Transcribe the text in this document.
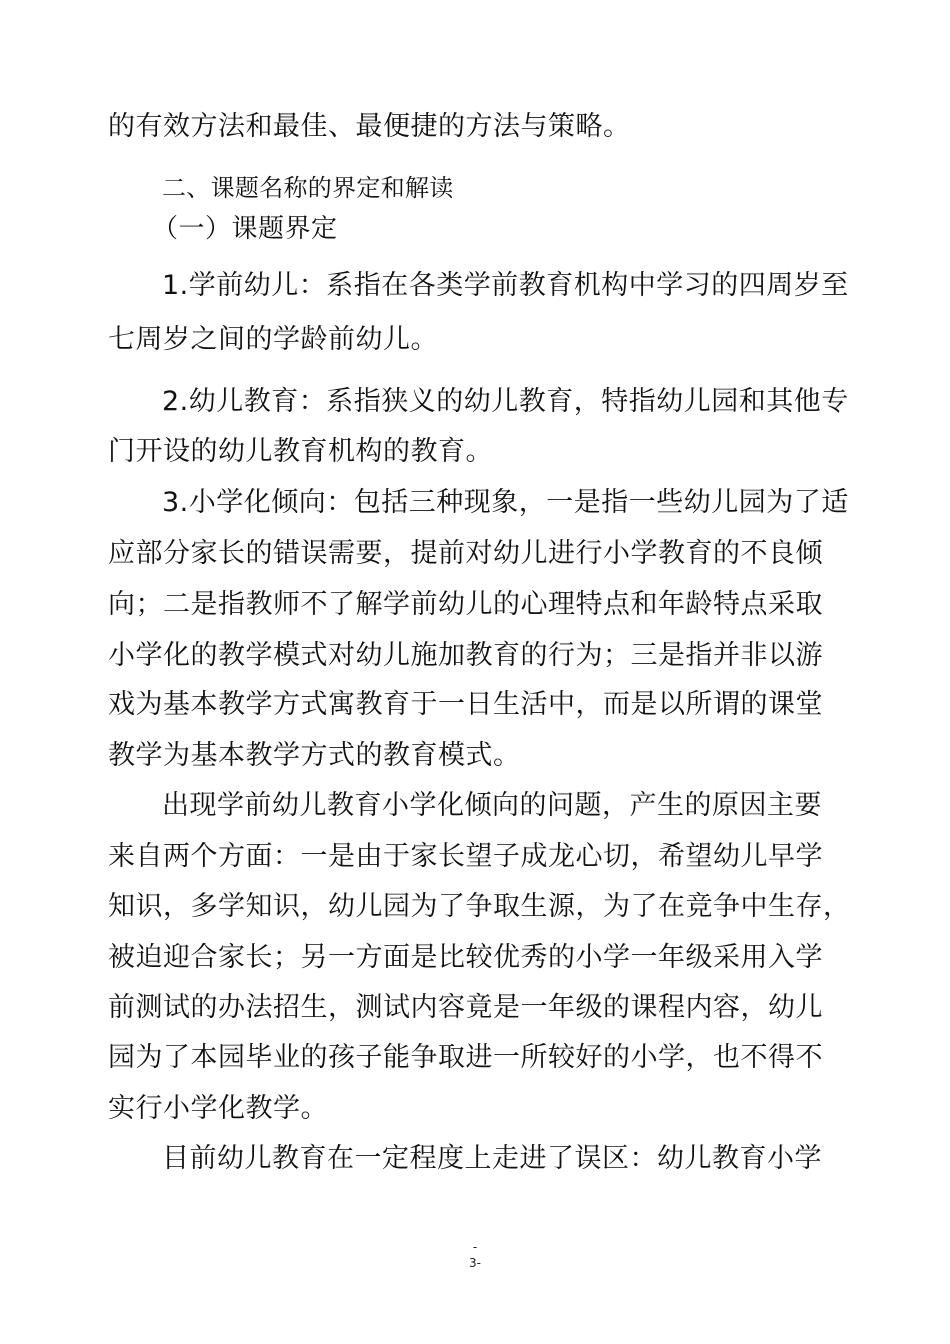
的有效方法和最佳、最便捷的方法与策略。
二、课题名称的界定和解读
（一）课题界定
1.学前幼儿：系指在各类学前教育机构中学习的四周岁至
七周岁之间的学龄前幼儿。
2.幼儿教育：系指狭义的幼儿教育，特指幼儿园和其他专
门开设的幼儿教育机构的教育。
3.小学化倾向：包括三种现象，一是指一些幼儿园为了适
应部分家长的错误需要，提前对幼儿进行小学教育的不良倾
向；二是指教师不了解学前幼儿的心理特点和年龄特点采取
小学化的教学模式对幼儿施加教育的行为；三是指并非以游
戏为基本教学方式寓教育于一日生活中，而是以所谓的课堂
教学为基本教学方式的教育模式。
出现学前幼儿教育小学化倾向的问题，产生的原因主要
来自两个方面：一是由于家长望子成龙心切，希望幼儿早学
知识，多学知识，幼儿园为了争取生源，为了在竞争中生存，
被迫迎合家长；另一方面是比较优秀的小学一年级采用入学
前测试的办法招生，测试内容竟是一年级的课程内容，幼儿
园为了本园毕业的孩子能争取进一所较好的小学，也不得不
实行小学化教学。
目前幼儿教育在一定程度上走进了误区：幼儿教育小学
-
3-
